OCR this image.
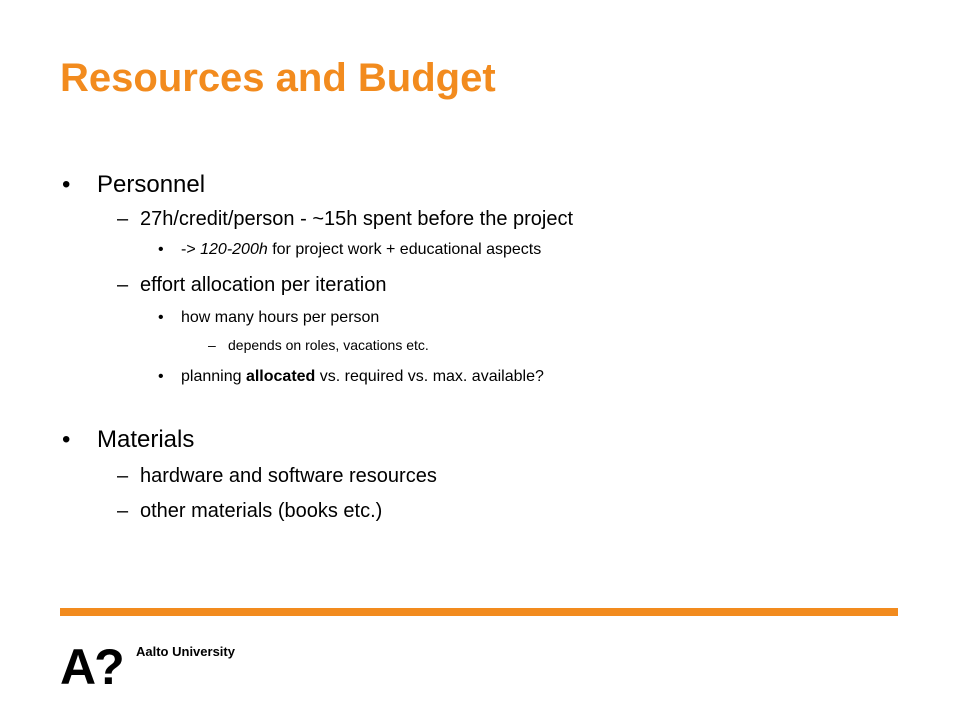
Resources and Budget
• Personnel
– 27h/credit/person - ~15h spent before the project
• -> 120-200h for project work + educational aspects
– effort allocation per iteration
• how many hours per person
– depends on roles, vacations etc.
• planning allocated vs. required vs. max. available?
• Materials
– hardware and software resources
– other materials (books etc.)
A? Aalto University
